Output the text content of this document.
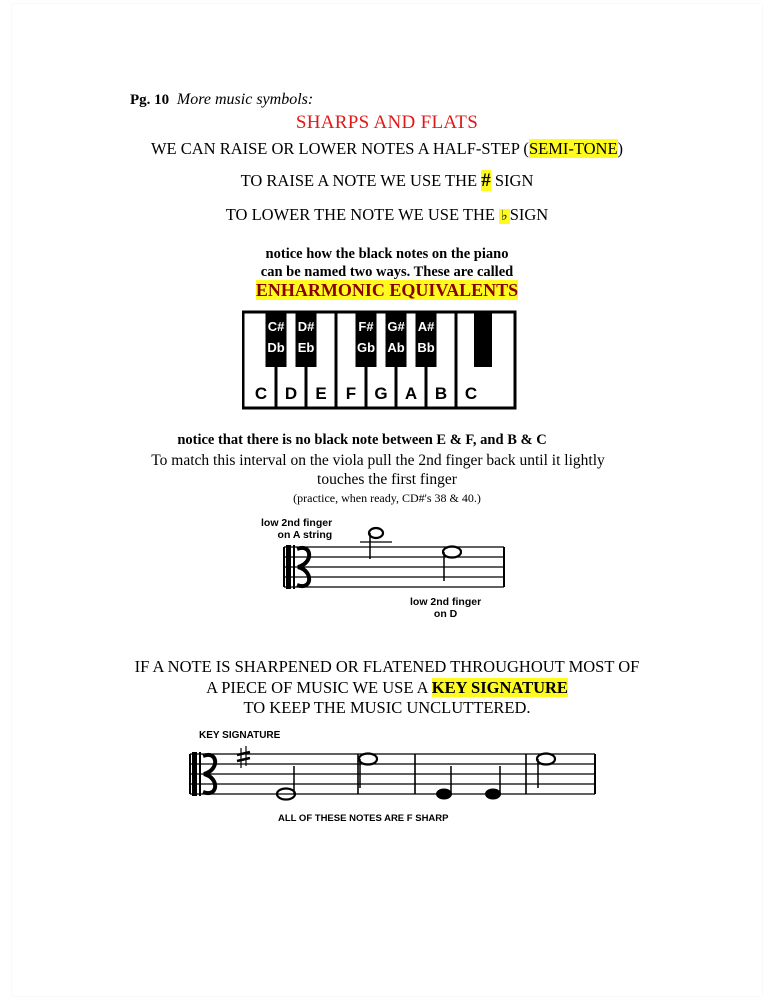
Pg. 10 More music symbols:
SHARPS AND FLATS
WE CAN RAISE OR LOWER NOTES A HALF-STEP (SEMI-TONE)
TO RAISE A NOTE WE USE THE # SIGN
TO LOWER THE NOTE WE USE THE ♭ SIGN
notice how the black notes on the piano
can be named two ways. These are called
ENHARMONIC EQUIVALENTS
C#
Db
D#
Eb
F#
Gb
G#
Ab
A#
Bb
C D E F G A B C
notice that there is no black note between E & F, and B & C
To match this interval on the viola pull the 2nd finger back until it lightly
touches the first finger
(practice, when ready, CD#'s 38 & 40.)
low 2nd finger
on A string
low 2nd finger
on D
IF A NOTE IS SHARPENED OR FLATENED THROUGHOUT MOST OF
A PIECE OF MUSIC WE USE A KEY SIGNATURE
TO KEEP THE MUSIC UNCLUTTERED.
KEY SIGNATURE
ALL OF THESE NOTES ARE F SHARP
